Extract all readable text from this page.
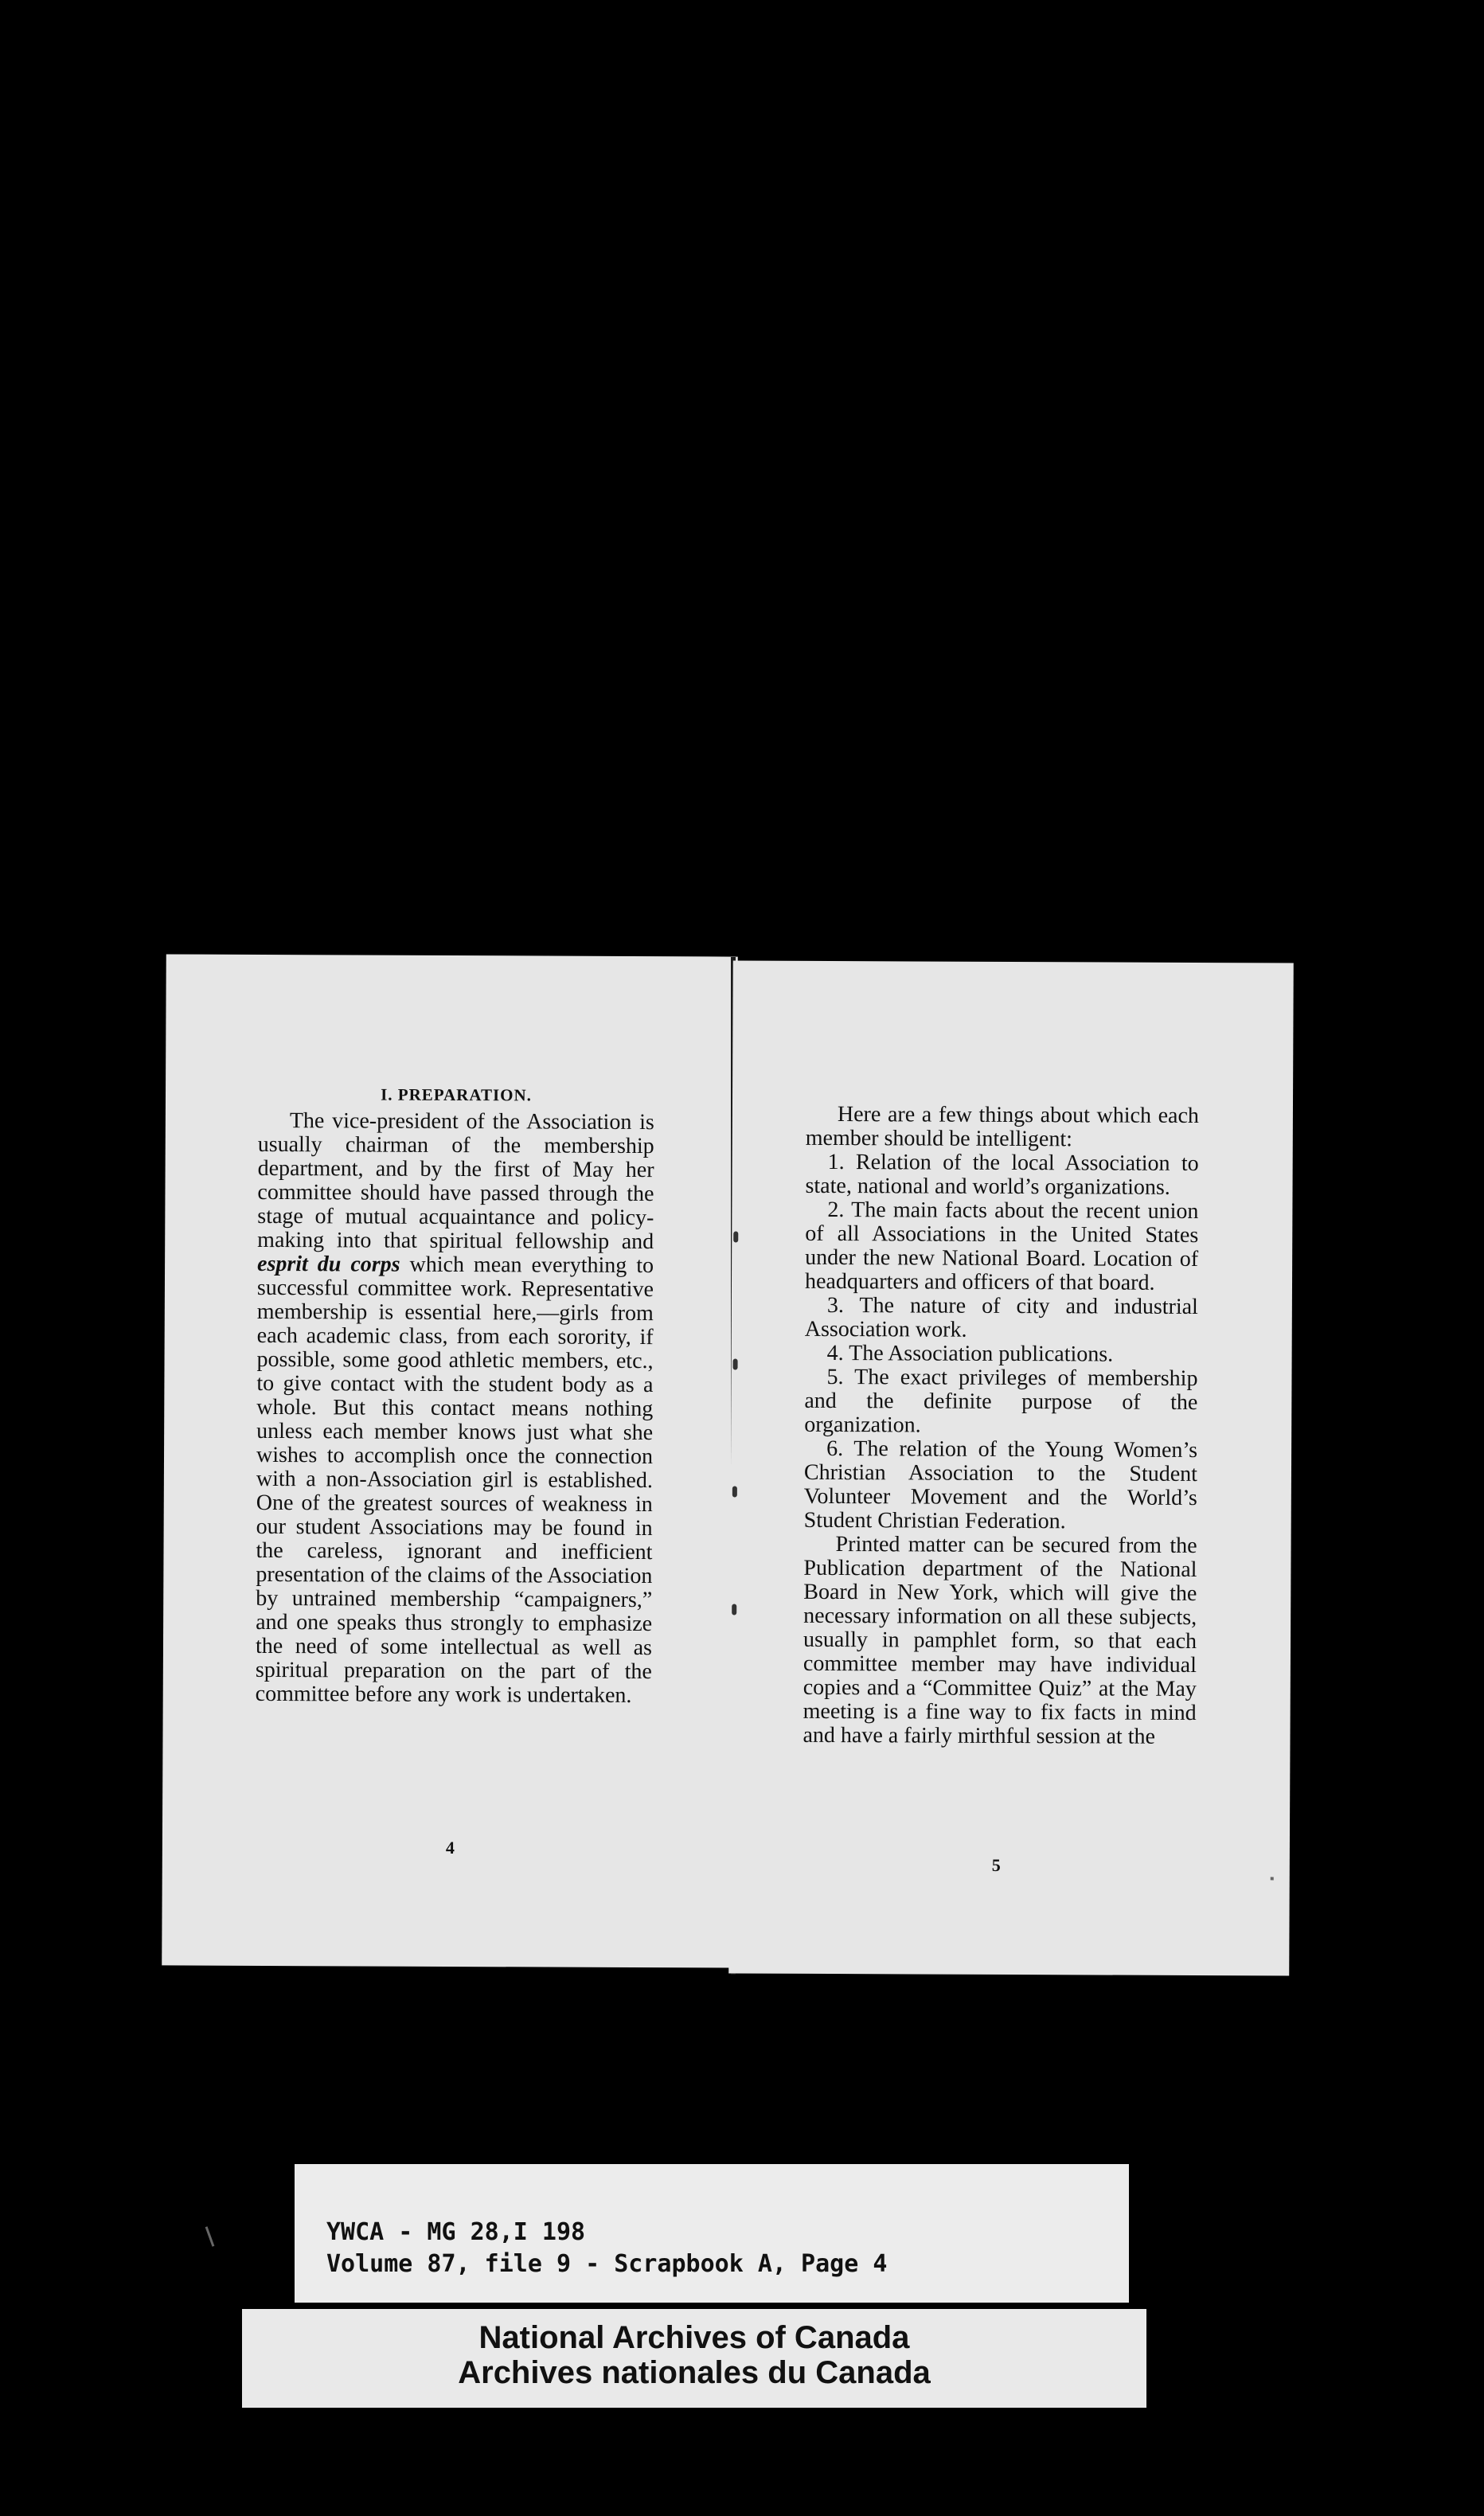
I. PREPARATION.

The vice-president of the Association is usually chairman of the membership department, and by the first of May her committee should have passed through the stage of mutual acquaintance and policy-making into that spiritual fellowship and esprit du corps which mean everything to successful committee work. Representative membership is essential here,—girls from each academic class, from each sorority, if possible, some good athletic members, etc., to give contact with the student body as a whole. But this contact means nothing unless each member knows just what she wishes to accomplish once the connection with a non-Association girl is established. One of the greatest sources of weakness in our student Associations may be found in the careless, ignorant and inefficient presentation of the claims of the Association by untrained membership “campaigners,” and one speaks thus strongly to emphasize the need of some intellectual as well as spiritual preparation on the part of the committee before any work is undertaken.

4

Here are a few things about which each member should be intelligent:

1. Relation of the local Association to state, national and world’s organizations.

2. The main facts about the recent union of all Associations in the United States under the new National Board. Location of headquarters and officers of that board.

3. The nature of city and industrial Association work.

4. The Association publications.

5. The exact privileges of membership and the definite purpose of the organization.

6. The relation of the Young Women’s Christian Association to the Student Volunteer Movement and the World’s Student Christian Federation.

Printed matter can be secured from the Publication department of the National Board in New York, which will give the necessary information on all these subjects, usually in pamphlet form, so that each committee member may have individual copies and a “Committee Quiz” at the May meeting is a fine way to fix facts in mind and have a fairly mirthful session at the

5
YWCA - MG 28,I 198
Volume 87, file 9 - Scrapbook A, Page 4
National Archives of Canada
Archives nationales du Canada
